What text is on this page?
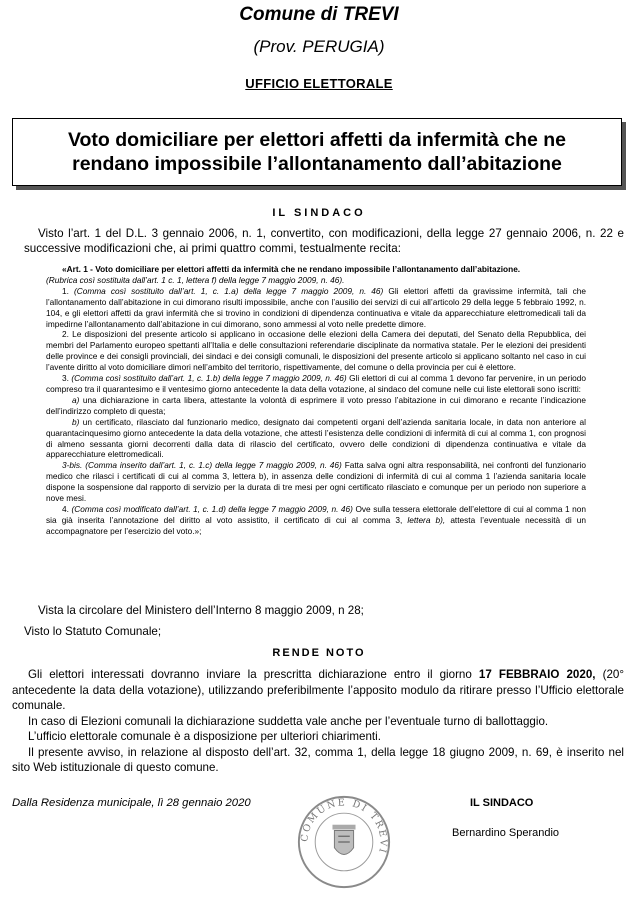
Comune di TREVI
(Prov. PERUGIA)
UFFICIO ELETTORALE
Voto domiciliare per elettori affetti da infermità che ne
rendano impossibile l’allontanamento dall’abitazione
IL SINDACO
Visto l’art. 1 del D.L. 3 gennaio 2006, n. 1, convertito, con modificazioni, della legge 27 gennaio 2006, n. 22 e successive modificazioni che, ai primi quattro commi, testualmente recita:

«Art. 1 - Voto domiciliare per elettori affetti da infermità che ne rendano impossibile l’allontanamento dall’abitazione.

(Rubrica così sostituita dall’art. 1 c. 1, lettera f) della legge 7 maggio 2009, n. 46).

1. (Comma così sostituito dall’art. 1, c. 1.a) della legge 7 maggio 2009, n. 46) Gli elettori affetti da gravissime infermità, tali che l’allontanamento dall’abitazione in cui dimorano risulti impossibile, anche con l’ausilio dei servizi di cui all’articolo 29 della legge 5 febbraio 1992, n. 104, e gli elettori affetti da gravi infermità che si trovino in condizioni di dipendenza continuativa e vitale da apparecchiature elettromedicali tali da impedirne l’allontanamento dall’abitazione in cui dimorano, sono ammessi al voto nelle predette dimore.

2. Le disposizioni del presente articolo si applicano in occasione delle elezioni della Camera dei deputati, del Senato della Repubblica, dei membri del Parlamento europeo spettanti all’Italia e delle consultazioni referendarie disciplinate da normativa statale. Per le elezioni dei presidenti delle province e dei consigli provinciali, dei sindaci e dei consigli comunali, le disposizioni del presente articolo si applicano soltanto nel caso in cui l’avente diritto al voto domiciliare dimori nell’ambito del territorio, rispettivamente, del comune o della provincia per cui è elettore.

3. (Comma così sostituito dall’art. 1, c. 1.b) della legge 7 maggio 2009, n. 46) Gli elettori di cui al comma 1 devono far pervenire, in un periodo compreso tra il quarantesimo e il ventesimo giorno antecedente la data della votazione, al sindaco del comune nelle cui liste elettorali sono iscritti:

a) una dichiarazione in carta libera, attestante la volontà di esprimere il voto presso l’abitazione in cui dimorano e recante l’indicazione dell’indirizzo completo di questa;

b) un certificato, rilasciato dal funzionario medico, designato dai competenti organi dell’azienda sanitaria locale, in data non anteriore al quarantacinquesimo giorno antecedente la data della votazione, che attesti l’esistenza delle condizioni di infermità di cui al comma 1, con prognosi di almeno sessanta giorni decorrenti dalla data di rilascio del certificato, ovvero delle condizioni di dipendenza continuativa e vitale da apparecchiature elettromedicali.

3-bis. (Comma inserito dall’art. 1, c. 1.c) della legge 7 maggio 2009, n. 46) Fatta salva ogni altra responsabilità, nei confronti del funzionario medico che rilasci i certificati di cui al comma 3, lettera b), in assenza delle condizioni di infermità di cui al comma 1 l’azienda sanitaria locale dispone la sospensione dal rapporto di servizio per la durata di tre mesi per ogni certificato rilasciato e comunque per un periodo non superiore a nove mesi.

4. (Comma così modificato dall’art. 1, c. 1.d) della legge 7 maggio 2009, n. 46) Ove sulla tessera elettorale dell’elettore di cui al comma 1 non sia già inserita l’annotazione del diritto al voto assistito, il certificato di cui al comma 3, lettera b), attesta l’eventuale necessità di un accompagnatore per l’esercizio del voto.»;

Vista la circolare del Ministero dell’Interno 8 maggio 2009, n 28;
Visto lo Statuto Comunale;
RENDE NOTO

Gli elettori interessati dovranno inviare la prescritta dichiarazione entro il giorno 17 FEBBRAIO 2020, (20° antecedente la data della votazione), utilizzando preferibilmente l’apposito modulo da ritirare presso l’Ufficio elettorale comunale.

In caso di Elezioni comunali la dichiarazione suddetta vale anche per l’eventuale turno di ballottaggio.

L’ufficio elettorale comunale è a disposizione per ulteriori chiarimenti.

Il presente avviso, in relazione al disposto dell’art. 32, comma 1, della legge 18 giugno 2009, n. 69, è inserito nel sito Web istituzionale di questo comune.

Dalla Residenza municipale, lì 28 gennaio 2020	IL SINDACO
Bernardino Sperandio
COMUNE DI TREVI
